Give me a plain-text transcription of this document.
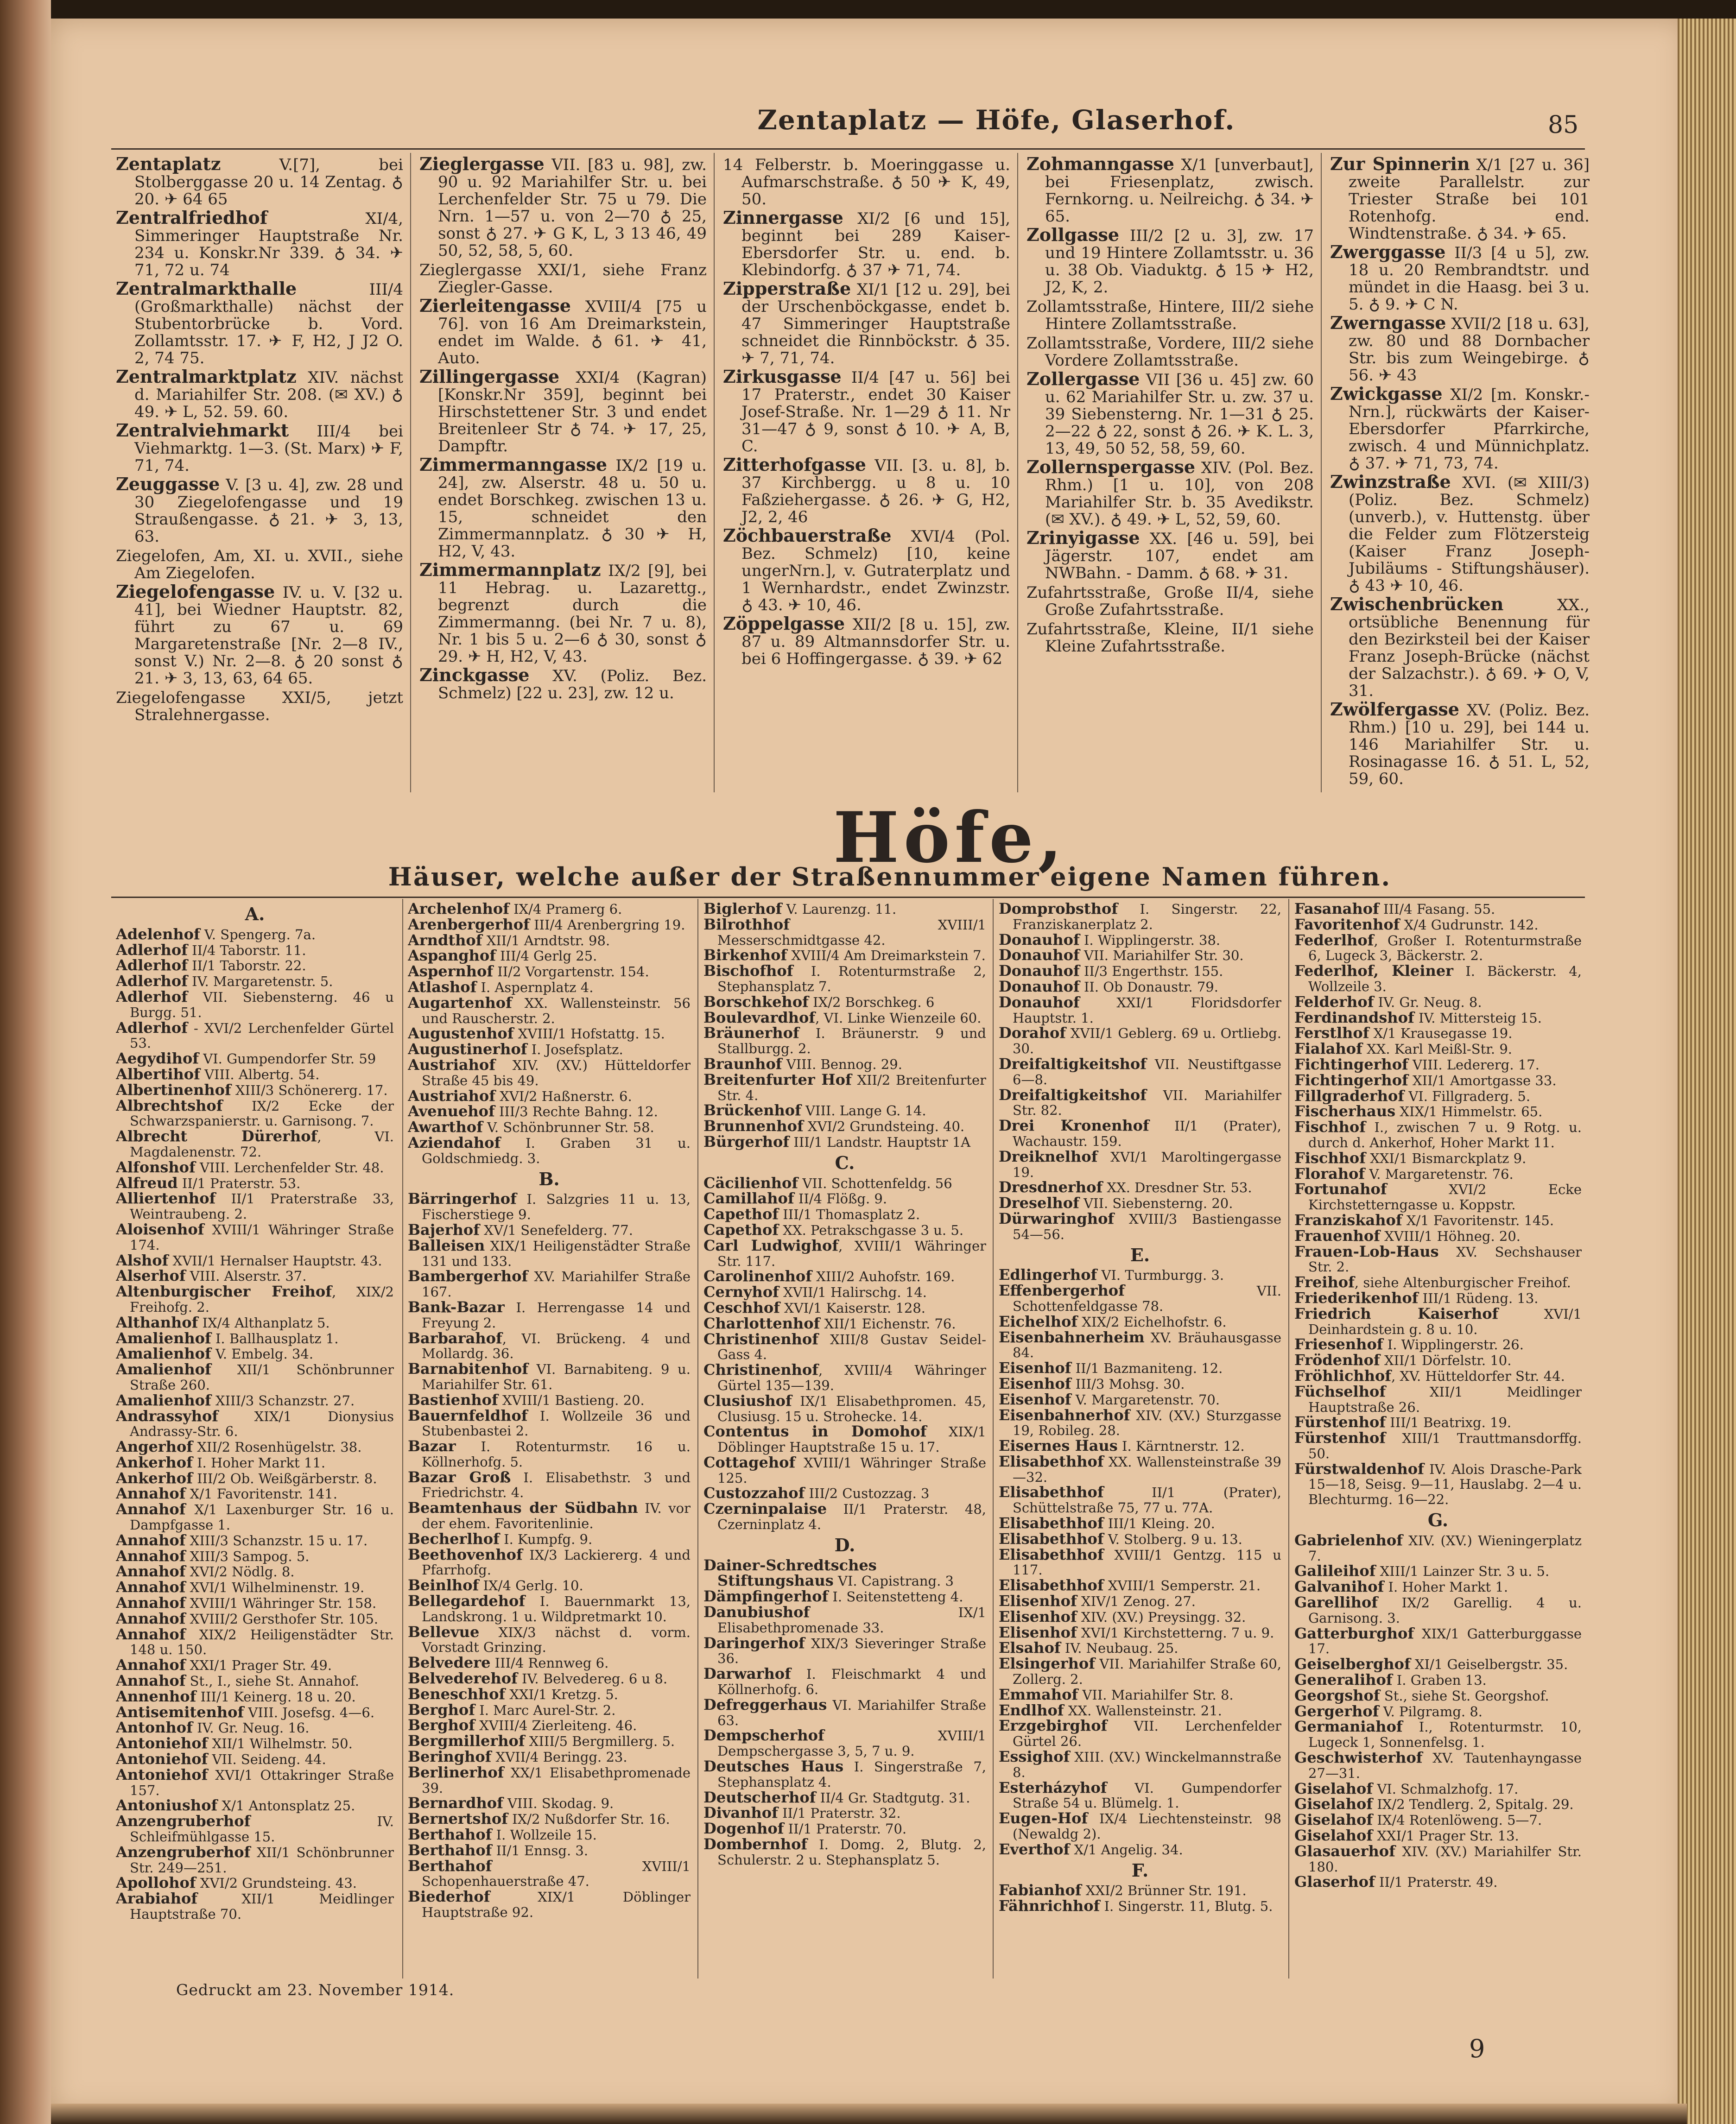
Zentaplatz — Höfe, Glaserhof.	85

Zentaplatz V.[7], bei Stolberggasse 20 u. 14 Zentag. ♁ 20. ✈ 64 65

Zentralfriedhof XI/4, Simmeringer Hauptstraße Nr. 234 u. Konskr.Nr 339. ♁ 34. ✈ 71, 72 u. 74

Zentralmarkthalle III/4 (Großmarkthalle) nächst der Stubentorbrücke b. Vord. Zollamtsstr. 17. ✈ F, H2, J J2 O. 2, 74 75.

Zentralmarktplatz XIV. nächst d. Mariahilfer Str. 208. (✉ XV.) ♁ 49. ✈ L, 52. 59. 60.

Zentralviehmarkt III/4 bei Viehmarktg. 1—3. (St. Marx) ✈ F, 71, 74.

Zeuggasse V. [3 u. 4], zw. 28 und 30 Ziegelofengasse und 19 Straußengasse. ♁ 21. ✈ 3, 13, 63.

Ziegelofen, Am, XI. u. XVII., siehe Am Ziegelofen.

Ziegelofengasse IV. u. V. [32 u. 41], bei Wiedner Hauptstr. 82, führt zu 67 u. 69 Margaretenstraße [Nr. 2—8 IV., sonst V.) Nr. 2—8. ♁ 20 sonst ♁ 21. ✈ 3, 13, 63, 64 65.

Ziegelofengasse XXI/5, jetzt Stralehnergasse.

Zieglergasse VII. [83 u. 98], zw. 90 u. 92 Mariahilfer Str. u. bei Lerchenfelder Str. 75 u 79. Die Nrn. 1—57 u. von 2—70 ♁ 25, sonst ♁ 27. ✈ G K, L, 3 13 46, 49 50, 52, 58, 5, 60.

Zieglergasse XXI/1, siehe Franz Ziegler-Gasse.

Zierleitengasse XVIII/4 [75 u 76]. von 16 Am Dreimarkstein, endet im Walde. ♁ 61. ✈ 41, Auto.

Zillingergasse XXI/4 (Kagran) [Konskr.Nr 359], beginnt bei Hirschstettener Str. 3 und endet Breitenleer Str ♁ 74. ✈ 17, 25, Dampftr.

Zimmermanngasse IX/2 [19 u. 24], zw. Alserstr. 48 u. 50 u. endet Borschkeg. zwischen 13 u. 15, schneidet den Zimmermannplatz. ♁ 30 ✈ H, H2, V, 43.

Zimmermannplatz IX/2 [9], bei 11 Hebrag. u. Lazarettg., begrenzt durch die Zimmermanng. (bei Nr. 7 u. 8), Nr. 1 bis 5 u. 2—6 ♁ 30, sonst ♁ 29. ✈ H, H2, V, 43.

Zinckgasse XV. (Poliz. Bez. Schmelz) [22 u. 23], zw. 12 u.

14 Felberstr. b. Moeringgasse u. Aufmarschstraße. ♁ 50 ✈ K, 49, 50.

Zinnergasse XI/2 [6 und 15], beginnt bei 289 Kaiser-Ebersdorfer Str. u. end. b. Klebindorfg. ♁ 37 ✈ 71, 74.

Zipperstraße XI/1 [12 u. 29], bei der Urschenböckgasse, endet b. 47 Simmeringer Hauptstraße schneidet die Rinnböckstr. ♁ 35. ✈ 7, 71, 74.

Zirkusgasse II/4 [47 u. 56] bei 17 Praterstr., endet 30 Kaiser Josef-Straße. Nr. 1—29 ♁ 11. Nr 31—47 ♁ 9, sonst ♁ 10. ✈ A, B, C.

Zitterhofgasse VII. [3. u. 8], b. 37 Kirchbergg. u 8 u. 10 Faßziehergasse. ♁ 26. ✈ G, H2, J2, 2, 46

Zöchbauerstraße XVI/4 (Pol. Bez. Schmelz) [10, keine ungerNrn.], v. Gutraterplatz und 1 Wernhardstr., endet Zwinzstr. ♁ 43. ✈ 10, 46.

Zöppelgasse XII/2 [8 u. 15], zw. 87 u. 89 Altmannsdorfer Str. u. bei 6 Hoffingergasse. ♁ 39. ✈ 62

Zohmanngasse X/1 [unverbaut], bei Friesenplatz, zwisch. Fernkorng. u. Neilreichg. ♁ 34. ✈ 65.

Zollgasse III/2 [2 u. 3], zw. 17 und 19 Hintere Zollamtsstr. u. 36 u. 38 Ob. Viaduktg. ♁ 15 ✈ H2, J2, K, 2.

Zollamtsstraße, Hintere, III/2 siehe Hintere Zollamtsstraße.

Zollamtsstraße, Vordere, III/2 siehe Vordere Zollamtsstraße.

Zollergasse VII [36 u. 45] zw. 60 u. 62 Mariahilfer Str. u. zw. 37 u. 39 Siebensterng. Nr. 1—31 ♁ 25. 2—22 ♁ 22, sonst ♁ 26. ✈ K. L. 3, 13, 49, 50 52, 58, 59, 60.

Zollernspergasse XIV. (Pol. Bez. Rhm.) [1 u. 10], von 208 Mariahilfer Str. b. 35 Avedikstr. (✉ XV.). ♁ 49. ✈ L, 52, 59, 60.

Zrinyigasse XX. [46 u. 59], bei Jägerstr. 107, endet am NWBahn. - Damm. ♁ 68. ✈ 31.

Zufahrtsstraße, Große II/4, siehe Große Zufahrtsstraße.

Zufahrtsstraße, Kleine, II/1 siehe Kleine Zufahrtsstraße.

Zur Spinnerin X/1 [27 u. 36] zweite Parallelstr. zur Triester Straße bei 101 Rotenhofg. end. Windtenstraße. ♁ 34. ✈ 65.

Zwerggasse II/3 [4 u 5], zw. 18 u. 20 Rembrandtstr. und mündet in die Haasg. bei 3 u. 5. ♁ 9. ✈ C N.

Zwerngasse XVII/2 [18 u. 63], zw. 80 und 88 Dornbacher Str. bis zum Weingebirge. ♁ 56. ✈ 43

Zwickgasse XI/2 [m. Konskr.-Nrn.], rückwärts der Kaiser-Ebersdorfer Pfarrkirche, zwisch. 4 und Münnichplatz. ♁ 37. ✈ 71, 73, 74.

Zwinzstraße XVI. (✉ XIII/3) (Poliz. Bez. Schmelz) (unverb.), v. Huttenstg. über die Felder zum Flötzersteig (Kaiser Franz Joseph-Jubiläums - Stiftungshäuser). ♁ 43 ✈ 10, 46.

Zwischenbrücken XX., ortsübliche Benennung für den Bezirksteil bei der Kaiser Franz Joseph-Brücke (nächst der Salzachstr.). ♁ 69. ✈ O, V, 31.

Zwölfergasse XV. (Poliz. Bez. Rhm.) [10 u. 29], bei 144 u. 146 Mariahilfer Str. u. Rosinagasse 16. ♁ 51. L, 52, 59, 60.

Höfe,
Häuser, welche außer der Straßennummer eigene Namen führen.

A.

Adelenhof V. Spengerg. 7a.

Adlerhof II/4 Taborstr. 11.

Adlerhof II/1 Taborstr. 22.

Adlerhof IV. Margaretenstr. 5.

Adlerhof VII. Siebensterng. 46 u Burgg. 51.

Adlerhof - XVI/2 Lerchenfelder Gürtel 53.

Aegydihof VI. Gumpendorfer Str. 59

Albertihof VIII. Albertg. 54.

Albertinenhof XIII/3 Schönererg. 17.

Albrechtshof IX/2 Ecke der Schwarzspanierstr. u. Garnisong. 7.

Albrecht Dürerhof, VI. Magdalenenstr. 72.

Alfonshof VIII. Lerchenfelder Str. 48.

Alfreud II/1 Praterstr. 53.

Alliertenhof II/1 Praterstraße 33, Weintraubeng. 2.

Aloisenhof XVIII/1 Währinger Straße 174.

Alshof XVII/1 Hernalser Hauptstr. 43.

Alserhof VIII. Alserstr. 37.

Altenburgischer Freihof, XIX/2 Freihofg. 2.

Althanhof IX/4 Althanplatz 5.

Amalienhof I. Ballhausplatz 1.

Amalienhof V. Embelg. 34.

Amalienhof XII/1 Schönbrunner Straße 260.

Amalienhof XIII/3 Schanzstr. 27.

Andrassyhof XIX/1 Dionysius Andrassy-Str. 6.

Angerhof XII/2 Rosenhügelstr. 38.

Ankerhof I. Hoher Markt 11.

Ankerhof III/2 Ob. Weißgärberstr. 8.

Annahof X/1 Favoritenstr. 141.

Annahof X/1 Laxenburger Str. 16 u. Dampfgasse 1.

Annahof XIII/3 Schanzstr. 15 u. 17.

Annahof XIII/3 Sampog. 5.

Annahof XVI/2 Nödlg. 8.

Annahof XVI/1 Wilhelminenstr. 19.

Annahof XVIII/1 Währinger Str. 158.

Annahof XVIII/2 Gersthofer Str. 105.

Annahof XIX/2 Heiligenstädter Str. 148 u. 150.

Annahof XXI/1 Prager Str. 49.

Annahof St., I., siehe St. Annahof.

Annenhof III/1 Keinerg. 18 u. 20.

Antisemitenhof VIII. Josefsg. 4—6.

Antonhof IV. Gr. Neug. 16.

Antoniehof XII/1 Wilhelmstr. 50.

Antoniehof VII. Seideng. 44.

Antoniehof XVI/1 Ottakringer Straße 157.

Antoniushof X/1 Antonsplatz 25.

Anzengruberhof IV. Schleifmühlgasse 15.

Anzengruberhof XII/1 Schönbrunner Str. 249—251.

Apollohof XVI/2 Grundsteing. 43.

Arabiahof XII/1 Meidlinger Hauptstraße 70.

Archelenhof IX/4 Pramerg 6.

Arenbergerhof III/4 Arenbergring 19.

Arndthof XII/1 Arndtstr. 98.

Aspanghof III/4 Gerlg 25.

Aspernhof II/2 Vorgartenstr. 154.

Atlashof I. Aspernplatz 4.

Augartenhof XX. Wallensteinstr. 56 und Rauscherstr. 2.

Augustenhof XVIII/1 Hofstattg. 15.

Augustinerhof I. Josefsplatz.

Austriahof XIV. (XV.) Hütteldorfer Straße 45 bis 49.

Austriahof XVI/2 Haßnerstr. 6.

Avenuehof III/3 Rechte Bahng. 12.

Awarthof V. Schönbrunner Str. 58.

Aziendahof I. Graben 31 u. Goldschmiedg. 3.

B.

Bärringerhof I. Salzgries 11 u. 13, Fischerstiege 9.

Bajerhof XV/1 Senefelderg. 77.

Balleisen XIX/1 Heiligenstädter Straße 131 und 133.

Bambergerhof XV. Mariahilfer Straße 167.

Bank-Bazar I. Herrengasse 14 und Freyung 2.

Barbarahof, VI. Brückeng. 4 und Mollardg. 36.

Barnabitenhof VI. Barnabiteng. 9 u. Mariahilfer Str. 61.

Bastienhof XVIII/1 Bastieng. 20.

Bauernfeldhof I. Wollzeile 36 und Stubenbastei 2.

Bazar I. Rotenturmstr. 16 u. Köllnerhofg. 5.

Bazar Groß I. Elisabethstr. 3 und Friedrichstr. 4.

Beamtenhaus der Südbahn IV. vor der ehem. Favoritenlinie.

Becherlhof I. Kumpfg. 9.

Beethovenhof IX/3 Lackiererg. 4 und Pfarrhofg.

Beinlhof IX/4 Gerlg. 10.

Bellegardehof I. Bauernmarkt 13, Landskrong. 1 u. Wildpretmarkt 10.

Bellevue XIX/3 nächst d. vorm. Vorstadt Grinzing.

Belvedere III/4 Rennweg 6.

Belvederehof IV. Belvedereg. 6 u 8.

Beneschhof XXI/1 Kretzg. 5.

Berghof I. Marc Aurel-Str. 2.

Berghof XVIII/4 Zierleiteng. 46.

Bergmillerhof XIII/5 Bergmillerg. 5.

Beringhof XVII/4 Beringg. 23.

Berlinerhof XX/1 Elisabethpromenade 39.

Bernardhof VIII. Skodag. 9.

Bernertshof IX/2 Nußdorfer Str. 16.

Berthahof I. Wollzeile 15.

Berthahof II/1 Ennsg. 3.

Berthahof XVIII/1 Schopenhauerstraße 47.

Biederhof XIX/1 Döblinger Hauptstraße 92.

Biglerhof V. Laurenzg. 11.

Bilrothhof XVIII/1 Messerschmidtgasse 42.

Birkenhof XVIII/4 Am Dreimarkstein 7.

Bischofhof I. Rotenturmstraße 2, Stephansplatz 7.

Borschkehof IX/2 Borschkeg. 6

Boulevardhof, VI. Linke Wienzeile 60.

Bräunerhof I. Bräunerstr. 9 und Stallburgg. 2.

Braunhof VIII. Bennog. 29.

Breitenfurter Hof XII/2 Breitenfurter Str. 4.

Brückenhof VIII. Lange G. 14.

Brunnenhof XVI/2 Grundsteing. 40.

Bürgerhof III/1 Landstr. Hauptstr 1A

C.

Cäcilienhof VII. Schottenfeldg. 56

Camillahof II/4 Flößg. 9.

Capethof III/1 Thomasplatz 2.

Capethof XX. Petrakschgasse 3 u. 5.

Carl Ludwighof, XVIII/1 Währinger Str. 117.

Carolinenhof XIII/2 Auhofstr. 169.

Cernyhof XVII/1 Halirschg. 14.

Ceschhof XVI/1 Kaiserstr. 128.

Charlottenhof XII/1 Eichenstr. 76.

Christinenhof XIII/8 Gustav Seidel-Gass 4.

Christinenhof, XVIII/4 Währinger Gürtel 135—139.

Clusiushof IX/1 Elisabethpromen. 45, Clusiusg. 15 u. Strohecke. 14.

Contentus in Domohof XIX/1 Döblinger Hauptstraße 15 u. 17.

Cottagehof XVIII/1 Währinger Straße 125.

Custozzahof III/2 Custozzag. 3

Czerninpalaise II/1 Praterstr. 48, Czerninplatz 4.

D.

Dainer-Schredtsches Stiftungshaus VI. Capistrang. 3

Dämpfingerhof I. Seitenstetteng 4.

Danubiushof IX/1 Elisabethpromenade 33.

Daringerhof XIX/3 Sieveringer Straße 36.

Darwarhof I. Fleischmarkt 4 und Köllnerhofg. 6.

Defreggerhaus VI. Mariahilfer Straße 63.

Dempscherhof XVIII/1 Dempschergasse 3, 5, 7 u. 9.

Deutsches Haus I. Singerstraße 7, Stephansplatz 4.

Deutscherhof II/4 Gr. Stadtgutg. 31.

Divanhof II/1 Praterstr. 32.

Dogenhof II/1 Praterstr. 70.

Dombernhof I. Domg. 2, Blutg. 2, Schulerstr. 2 u. Stephansplatz 5.

Domprobsthof I. Singerstr. 22, Franziskanerplatz 2.

Donauhof I. Wipplingerstr. 38.

Donauhof VII. Mariahilfer Str. 30.

Donauhof II/3 Engerthstr. 155.

Donauhof II. Ob Donaustr. 79.

Donauhof XXI/1 Floridsdorfer Hauptstr. 1.

Dorahof XVII/1 Geblerg. 69 u. Ortliebg. 30.

Dreifaltigkeitshof VII. Neustiftgasse 6—8.

Dreifaltigkeitshof VII. Mariahilfer Str. 82.

Drei Kronenhof II/1 (Prater), Wachaustr. 159.

Dreiknelhof XVI/1 Maroltingergasse 19.

Dresdnerhof XX. Dresdner Str. 53.

Dreselhof VII. Siebensterng. 20.

Dürwaringhof XVIII/3 Bastiengasse 54—56.

E.

Edlingerhof VI. Turmburgg. 3.

Effenbergerhof VII. Schottenfeldgasse 78.

Eichelhof XIX/2 Eichelhofstr. 6.

Eisenbahnerheim XV. Bräuhausgasse 84.

Eisenhof II/1 Bazmaniteng. 12.

Eisenhof III/3 Mohsg. 30.

Eisenhof V. Margaretenstr. 70.

Eisenbahnerhof XIV. (XV.) Sturzgasse 19, Robileg. 28.

Eisernes Haus I. Kärntnerstr. 12.

Elisabethhof XX. Wallensteinstraße 39—32.

Elisabethhof II/1 (Prater), Schüttelstraße 75, 77 u. 77A.

Elisabethhof III/1 Kleing. 20.

Elisabethhof V. Stolberg. 9 u. 13.

Elisabethhof XVIII/1 Gentzg. 115 u 117.

Elisabethhof XVIII/1 Semperstr. 21.

Elisenhof XIV/1 Zenog. 27.

Elisenhof XIV. (XV.) Preysingg. 32.

Elisenhof XVI/1 Kirchstetterng. 7 u. 9.

Elsahof IV. Neubaug. 25.

Elsingerhof VII. Mariahilfer Straße 60, Zollerg. 2.

Emmahof VII. Mariahilfer Str. 8.

Endlhof XX. Wallensteinstr. 21.

Erzgebirghof VII. Lerchenfelder Gürtel 26.

Essighof XIII. (XV.) Winckelmannstraße 8.

Esterházyhof VI. Gumpendorfer Straße 54 u. Blümelg. 1.

Eugen-Hof IX/4 Liechtensteinstr. 98 (Newaldg 2).

Everthof X/1 Angelig. 34.

F.

Fabianhof XXI/2 Brünner Str. 191.

Fähnrichhof I. Singerstr. 11, Blutg. 5.

Fasanahof III/4 Fasang. 55.

Favoritenhof X/4 Gudrunstr. 142.

Federlhof, Großer I. Rotenturmstraße 6, Lugeck 3, Bäckerstr. 2.

Federlhof, Kleiner I. Bäckerstr. 4, Wollzeile 3.

Felderhof IV. Gr. Neug. 8.

Ferdinandshof IV. Mittersteig 15.

Ferstlhof X/1 Krausegasse 19.

Fialahof XX. Karl Meißl-Str. 9.

Fichtingerhof VIII. Ledererg. 17.

Fichtingerhof XII/1 Amortgasse 33.

Fillgraderhof VI. Fillgraderg. 5.

Fischerhaus XIX/1 Himmelstr. 65.

Fischhof I., zwischen 7 u. 9 Rotg. u. durch d. Ankerhof, Hoher Markt 11.

Fischhof XXI/1 Bismarckplatz 9.

Florahof V. Margaretenstr. 76.

Fortunahof XVI/2 Ecke Kirchstetterngasse u. Koppstr.

Franziskahof X/1 Favoritenstr. 145.

Frauenhof XVIII/1 Höhneg. 20.

Frauen-Lob-Haus XV. Sechshauser Str. 2.

Freihof, siehe Altenburgischer Freihof.

Friederikenhof III/1 Rüdeng. 13.

Friedrich Kaiserhof XVI/1 Deinhardstein g. 8 u. 10.

Friesenhof I. Wipplingerstr. 26.

Frödenhof XII/1 Dörfelstr. 10.

Fröhlichhof, XV. Hütteldorfer Str. 44.

Füchselhof XII/1 Meidlinger Hauptstraße 26.

Fürstenhof III/1 Beatrixg. 19.

Fürstenhof XIII/1 Trauttmansdorffg. 50.

Fürstwaldenhof IV. Alois Drasche-Park 15—18, Seisg. 9—11, Hauslabg. 2—4 u. Blechturmg. 16—22.

G.

Gabrielenhof XIV. (XV.) Wieningerplatz 7.

Galileihof XIII/1 Lainzer Str. 3 u. 5.

Galvanihof I. Hoher Markt 1.

Garellihof IX/2 Garellig. 4 u. Garnisong. 3.

Gatterburghof XIX/1 Gatterburggasse 17.

Geiselberghof XI/1 Geiselbergstr. 35.

Generalihof I. Graben 13.

Georgshof St., siehe St. Georgshof.

Gergerhof V. Pilgramg. 8.

Germaniahof I., Rotenturmstr. 10, Lugeck 1, Sonnenfelsg. 1.

Geschwisterhof XV. Tautenhayngasse 27—31.

Giselahof VI. Schmalzhofg. 17.

Giselahof IX/2 Tendlerg. 2, Spitalg. 29.

Giselahof IX/4 Rotenlöweng. 5—7.

Giselahof XXI/1 Prager Str. 13.

Glasauerhof XIV. (XV.) Mariahilfer Str. 180.

Glaserhof II/1 Praterstr. 49.

Gedruckt am 23. November 1914.
9
